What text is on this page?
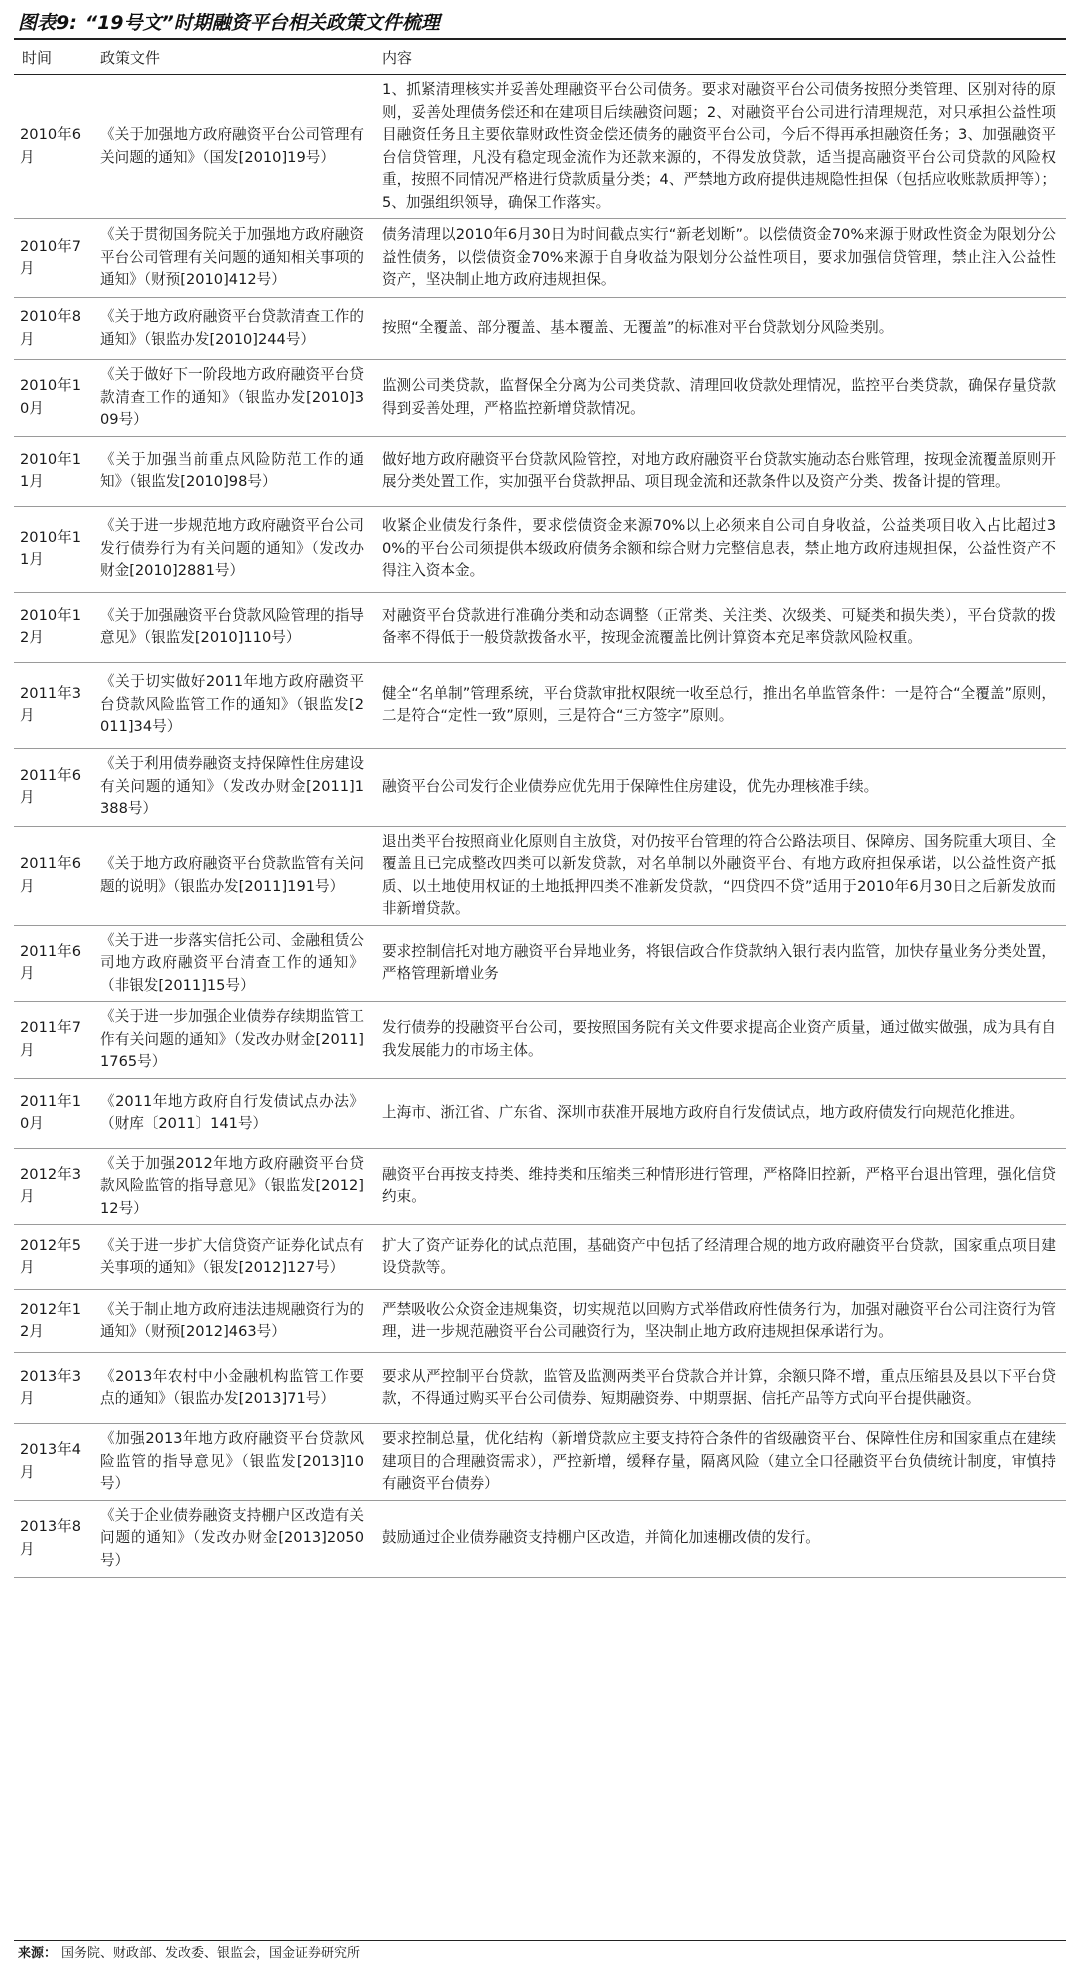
图表9: “19号文”时期融资平台相关政策文件梳理
时间	政策文件	内容
2010年6月	《关于加强地方政府融资平台公司管理有关问题的通知》（国发[2010]19号）	1、抓紧清理核实并妥善处理融资平台公司债务。要求对融资平台公司债务按照分类管理、区别对待的原则，妥善处理债务偿还和在建项目后续融资问题；2、对融资平台公司进行清理规范，对只承担公益性项目融资任务且主要依靠财政性资金偿还债务的融资平台公司，今后不得再承担融资任务；3、加强融资平台信贷管理，凡没有稳定现金流作为还款来源的，不得发放贷款，适当提高融资平台公司贷款的风险权重，按照不同情况严格进行贷款质量分类；4、严禁地方政府提供违规隐性担保（包括应收账款质押等）；5、加强组织领导，确保工作落实。
2010年7月	《关于贯彻国务院关于加强地方政府融资平台公司管理有关问题的通知相关事项的通知》（财预[2010]412号）	债务清理以2010年6月30日为时间截点实行“新老划断”。以偿债资金70%来源于财政性资金为限划分公益性债务，以偿债资金70%来源于自身收益为限划分公益性项目，要求加强信贷管理，禁止注入公益性资产，坚决制止地方政府违规担保。
2010年8月	《关于地方政府融资平台贷款清查工作的通知》（银监办发[2010]244号）	按照“全覆盖、部分覆盖、基本覆盖、无覆盖”的标准对平台贷款划分风险类别。
2010年10月	《关于做好下一阶段地方政府融资平台贷款清查工作的通知》（银监办发[2010]309号）	监测公司类贷款，监督保全分离为公司类贷款、清理回收贷款处理情况，监控平台类贷款，确保存量贷款得到妥善处理，严格监控新增贷款情况。
2010年11月	《关于加强当前重点风险防范工作的通知》（银监发[2010]98号）	做好地方政府融资平台贷款风险管控，对地方政府融资平台贷款实施动态台账管理，按现金流覆盖原则开展分类处置工作，实加强平台贷款押品、项目现金流和还款条件以及资产分类、拨备计提的管理。
2010年11月	《关于进一步规范地方政府融资平台公司发行债券行为有关问题的通知》（发改办财金[2010]2881号）	收紧企业债发行条件，要求偿债资金来源70%以上必须来自公司自身收益，公益类项目收入占比超过30%的平台公司须提供本级政府债务余额和综合财力完整信息表，禁止地方政府违规担保，公益性资产不得注入资本金。
2010年12月	《关于加强融资平台贷款风险管理的指导意见》（银监发[2010]110号）	对融资平台贷款进行准确分类和动态调整（正常类、关注类、次级类、可疑类和损失类），平台贷款的拨备率不得低于一般贷款拨备水平，按现金流覆盖比例计算资本充足率贷款风险权重。
2011年3月	《关于切实做好2011年地方政府融资平台贷款风险监管工作的通知》（银监发[2011]34号）	健全“名单制”管理系统，平台贷款审批权限统一收至总行，推出名单监管条件：一是符合“全覆盖”原则，二是符合“定性一致”原则，三是符合“三方签字”原则。
2011年6月	《关于利用债券融资支持保障性住房建设有关问题的通知》（发改办财金[2011]1388号）	融资平台公司发行企业债券应优先用于保障性住房建设，优先办理核准手续。
2011年6月	《关于地方政府融资平台贷款监管有关问题的说明》（银监办发[2011]191号）	退出类平台按照商业化原则自主放贷，对仍按平台管理的符合公路法项目、保障房、国务院重大项目、全覆盖且已完成整改四类可以新发贷款，对名单制以外融资平台、有地方政府担保承诺，以公益性资产抵质、以土地使用权证的土地抵押四类不准新发贷款，“四贷四不贷”适用于2010年6月30日之后新发放而非新增贷款。
2011年6月	《关于进一步落实信托公司、金融租赁公司地方政府融资平台清查工作的通知》（非银发[2011]15号）	要求控制信托对地方融资平台异地业务，将银信政合作贷款纳入银行表内监管，加快存量业务分类处置，严格管理新增业务
2011年7月	《关于进一步加强企业债券存续期监管工作有关问题的通知》（发改办财金[2011]1765号）	发行债券的投融资平台公司，要按照国务院有关文件要求提高企业资产质量，通过做实做强，成为具有自我发展能力的市场主体。
2011年10月	《2011年地方政府自行发债试点办法》（财库〔2011〕141号）	上海市、浙江省、广东省、深圳市获准开展地方政府自行发债试点，地方政府债发行向规范化推进。
2012年3月	《关于加强2012年地方政府融资平台贷款风险监管的指导意见》（银监发[2012]12号）	融资平台再按支持类、维持类和压缩类三种情形进行管理，严格降旧控新，严格平台退出管理，强化信贷约束。
2012年5月	《关于进一步扩大信贷资产证券化试点有关事项的通知》（银发[2012]127号）	扩大了资产证券化的试点范围，基础资产中包括了经清理合规的地方政府融资平台贷款，国家重点项目建设贷款等。
2012年12月	《关于制止地方政府违法违规融资行为的通知》（财预[2012]463号）	严禁吸收公众资金违规集资，切实规范以回购方式举借政府性债务行为，加强对融资平台公司注资行为管理，进一步规范融资平台公司融资行为，坚决制止地方政府违规担保承诺行为。
2013年3月	《2013年农村中小金融机构监管工作要点的通知》（银监办发[2013]71号）	要求从严控制平台贷款，监管及监测两类平台贷款合并计算，余额只降不增，重点压缩县及县以下平台贷款，不得通过购买平台公司债券、短期融资券、中期票据、信托产品等方式向平台提供融资。
2013年4月	《加强2013年地方政府融资平台贷款风险监管的指导意见》（银监发[2013]10号）	要求控制总量，优化结构（新增贷款应主要支持符合条件的省级融资平台、保障性住房和国家重点在建续建项目的合理融资需求），严控新增，缓释存量，隔离风险（建立全口径融资平台负债统计制度，审慎持有融资平台债券）
2013年8月	《关于企业债券融资支持棚户区改造有关问题的通知》（发改办财金[2013]2050号）	鼓励通过企业债券融资支持棚户区改造，并简化加速棚改债的发行。
来源： 国务院、财政部、发改委、银监会，国金证券研究所
